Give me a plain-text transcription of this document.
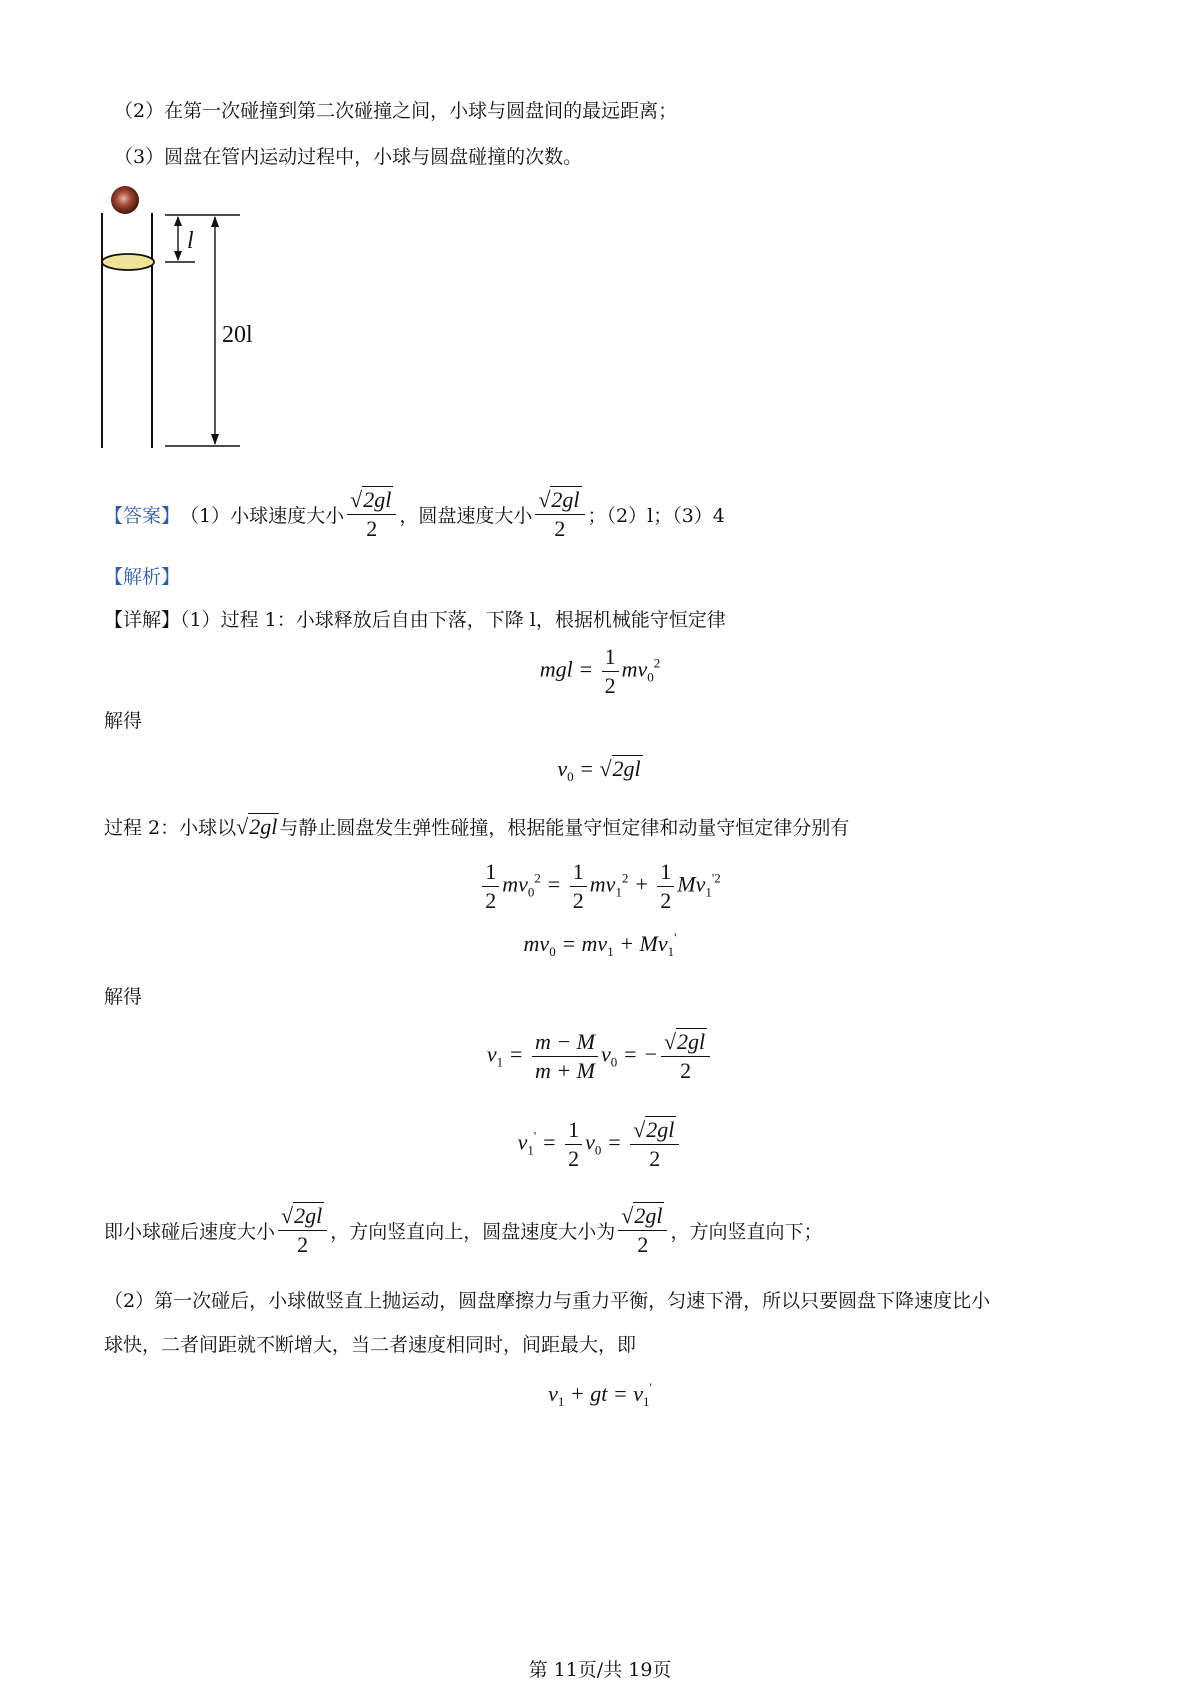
（2）在第一次碰撞到第二次碰撞之间，小球与圆盘间的最远距离；
（3）圆盘在管内运动过程中，小球与圆盘碰撞的次数。
l
20l
【答案】 （1）小球速度大小 $\frac{√2gl}{2}$ ，圆盘速度大小 $\frac{√2gl}{2}$ ；（2）l；（3）4
【解析】
【详解】（1）过程 1：小球释放后自由下落，下降 l，根据机械能守恒定律
mgl = $\frac{1}{2} mv_0^2$
解得
$v_0 = √2gl$
过程 2：小球以 √2gl 与静止圆盘发生弹性碰撞，根据能量守恒定律和动量守恒定律分别有
$\frac{1}{2} mv_0^2 = \frac{1}{2} mv_1^2 + \frac{1}{2} Mv_1^{'2}$
$mv_0 = mv_1 + Mv_1'$
解得
$v_1 = \frac{m - M}{m + M} v_0$ = − $\frac{√2gl}{2}$
$v_1' = \frac{1}{2} v_0 = \frac{√2gl}{2}$
即小球碰后速度大小 $\frac{√2gl}{2}$ ，方向竖直向上，圆盘速度大小为 $\frac{√2gl}{2}$ ，方向竖直向下；
（2）第一次碰后，小球做竖直上抛运动，圆盘摩擦力与重力平衡，匀速下滑，所以只要圆盘下降速度比小
球快，二者间距就不断增大，当二者速度相同时，间距最大，即
$v_1$ + gt = $v_1'$
第 11页/共 19页
